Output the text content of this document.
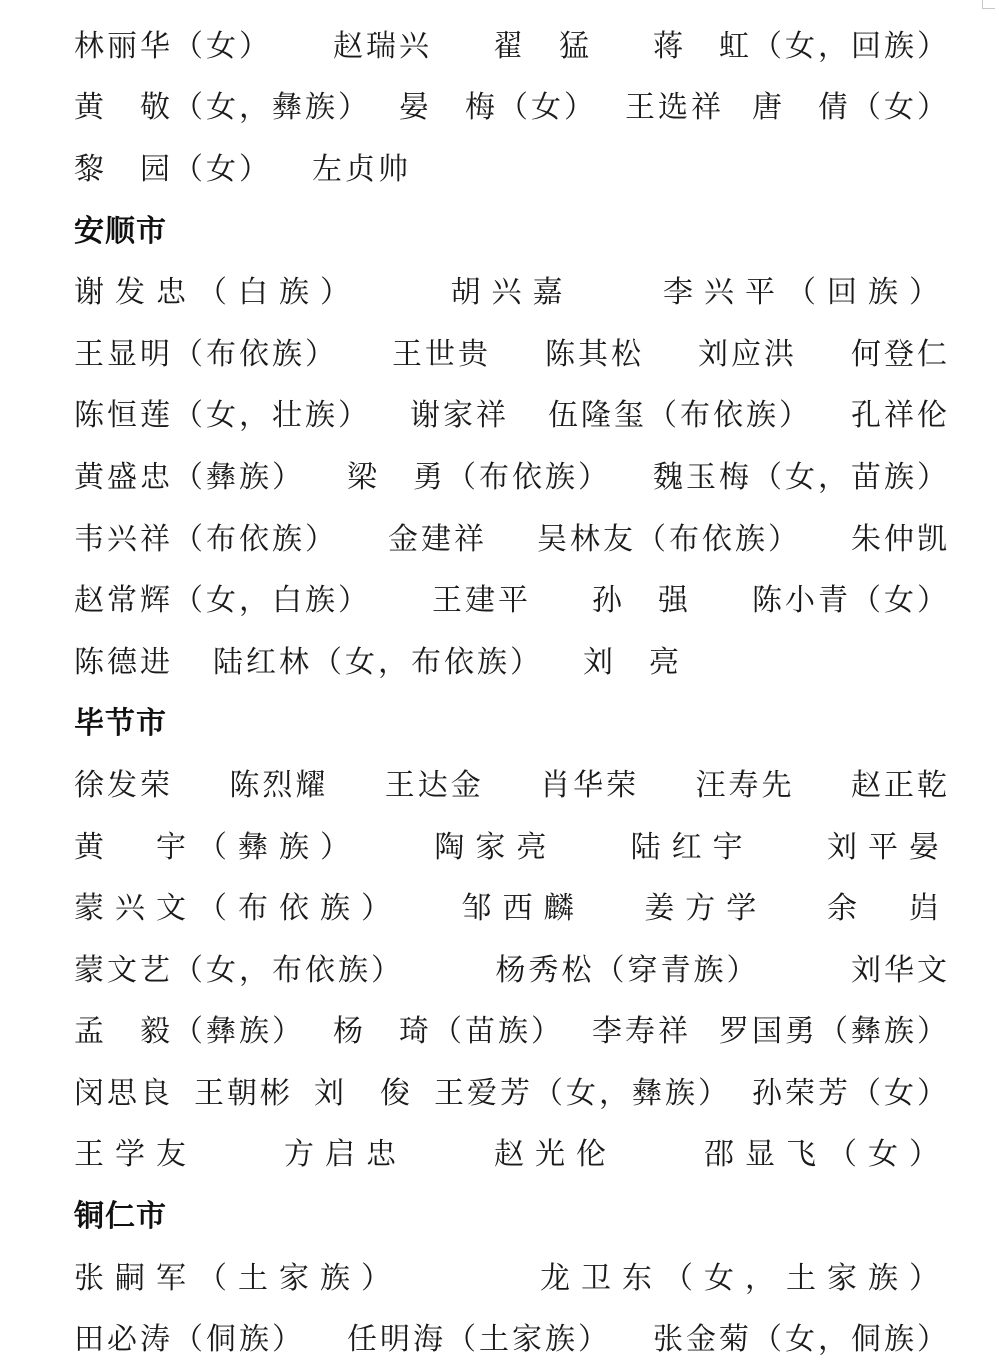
林丽华（女） 赵瑞兴 翟　猛 蒋　虹（女，回族）
黄　敬（女，彝族） 晏　梅（女） 王选祥 唐　倩（女）
黎　园（女） 左贞帅
安顺市
谢发忠（白族）	胡兴嘉	李兴平（回族）
王显明（布依族） 王世贵 陈其松 刘应洪 何登仁
陈恒莲（女，壮族） 谢家祥 伍隆玺（布依族） 孔祥伦
黄盛忠（彝族） 梁　勇（布依族） 魏玉梅（女，苗族）
韦兴祥（布依族） 金建祥 吴林友（布依族） 朱仲凯
赵常辉（女，白族） 王建平 孙　强 陈小青（女）
陈德进 陆红林（女，布依族） 刘　亮
毕节市
徐发荣 陈烈耀 王达金 肖华荣 汪寿先 赵正乾
黄　宇（彝族） 陶家亮 陆红宇 刘平晏
蒙兴文（布依族） 邹西麟 姜方学 余　岿
蒙文艺（女，布依族）	杨秀松（穿青族）	刘华文
孟　毅（彝族） 杨　琦（苗族） 李寿祥 罗国勇（彝族）
闵思良 王朝彬 刘　俊 王爱芳（女，彝族） 孙荣芳（女）
王学友	方启忠	赵光伦	邵显飞（女）
铜仁市
张嗣军（土家族）	龙卫东（女，土家族）
田必涛（侗族） 任明海（土家族） 张金菊（女，侗族）
